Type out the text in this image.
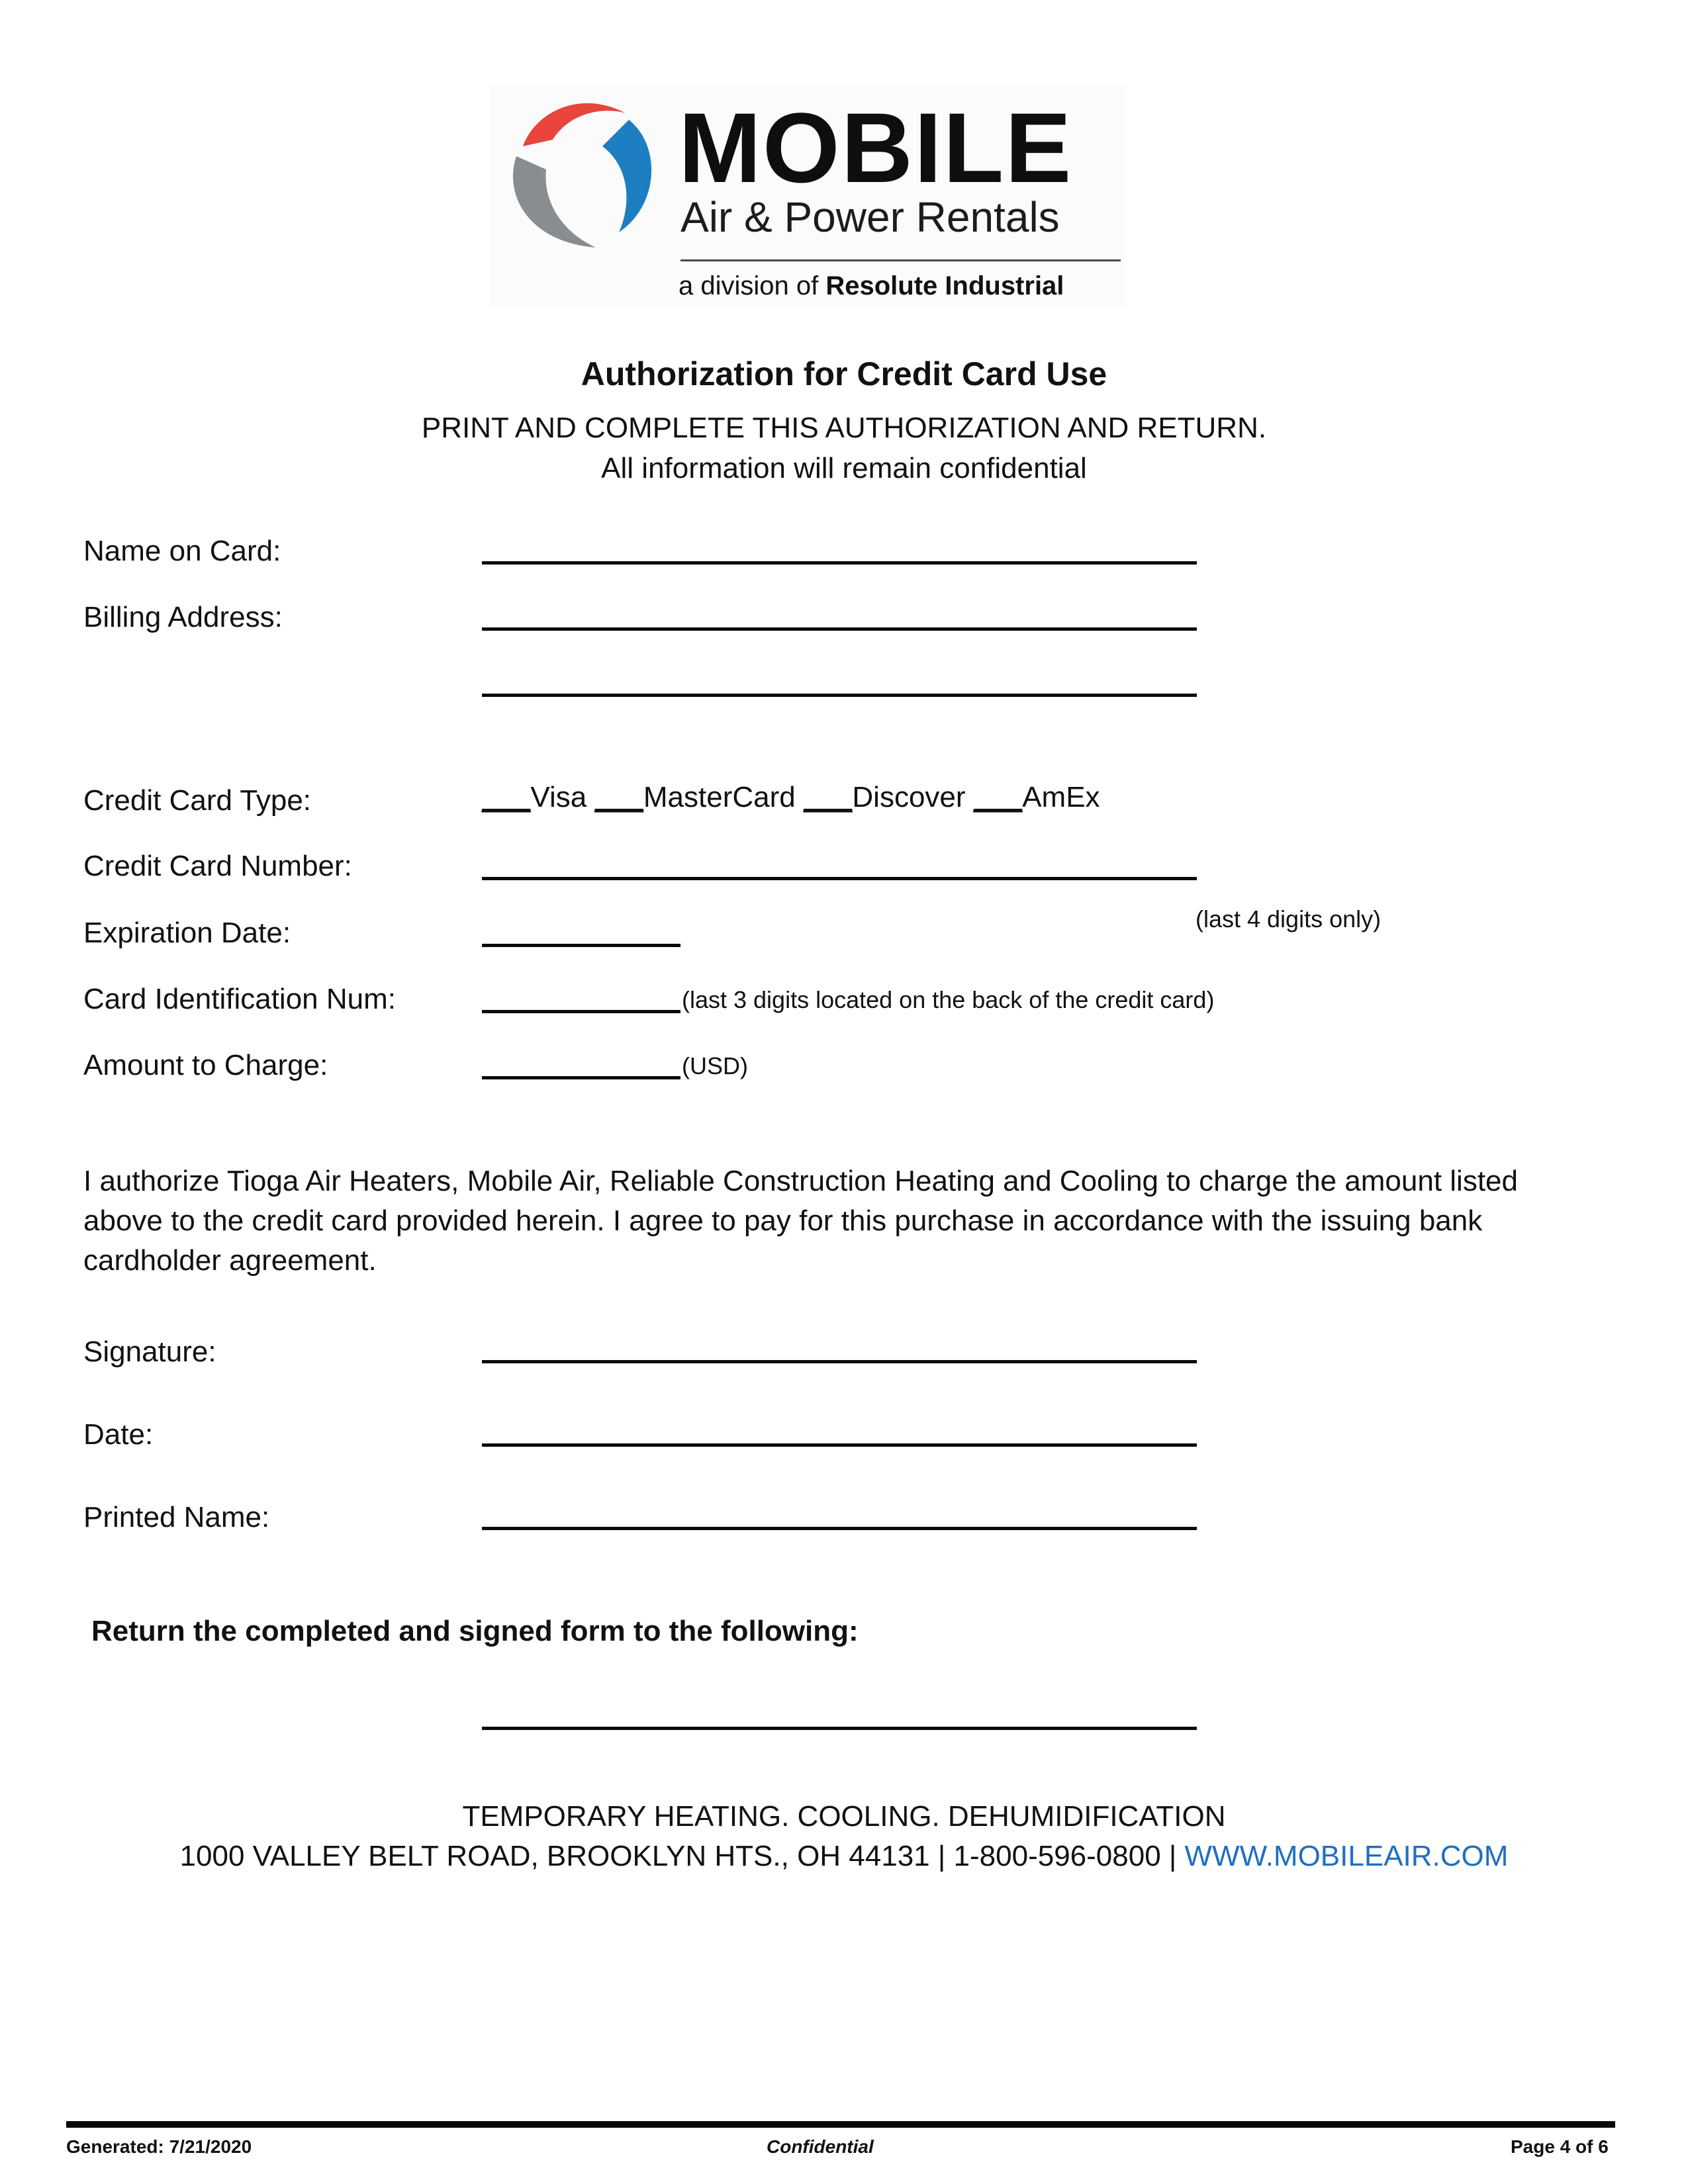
MOBILE
Air & Power Rentals
a division of Resolute Industrial
Authorization for Credit Card Use
PRINT AND COMPLETE THIS AUTHORIZATION AND RETURN.
All information will remain confidential
Name on Card:
Billing Address:
Credit Card Type:	___Visa ___MasterCard ___Discover ___AmEx
Credit Card Number:
(last 4 digits only)
Expiration Date:
Card Identification Num:	(last 3 digits located on the back of the credit card)
Amount to Charge:	(USD)
I authorize Tioga Air Heaters, Mobile Air, Reliable Construction Heating and Cooling to charge the amount listed above to the credit card provided herein. I agree to pay for this purchase in accordance with the issuing bank cardholder agreement.
Signature:
Date:
Printed Name:
Return the completed and signed form to the following:
TEMPORARY HEATING. COOLING. DEHUMIDIFICATION
1000 VALLEY BELT ROAD, BROOKLYN HTS., OH 44131 | 1-800-596-0800 | WWW.MOBILEAIR.COM
Generated: 7/21/2020	Confidential	Page 4 of 6
